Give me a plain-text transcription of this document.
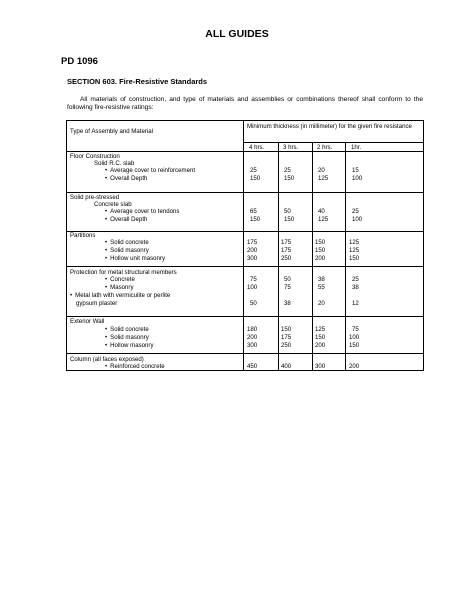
ALL GUIDES
PD 1096
SECTION 603. Fire-Resistive Standards
All materials of construction, and type of materials and assemblies or combinations thereof shall conform to the following fire-resistive ratings:
Type of Assembly and Material
Minimum thickness (in millimeter) for the given fire resistance
4 hrs.	3 hrs.	2 hrs.	1hr.
Floor Construction
Solid R.C. slab
• Average cover to reinforcement	25	25	20	15
• Overall Depth	150	150	125	100
Solid pre-stressed
Concrete slab
• Average cover to tendons	65	50	40	25
• Overall Depth	150	150	125	100
Partitions
• Solid concrete	175	175	150	125
• Solid masonry	200	175	150	125
• Hollow unit masonry	300	250	200	150
Protection for metal structural members
• Concrete	75	50	38	25
• Masonry	100	75	55	38
• Metal lath with vermiculite or perlite
gypsum plaster	50	38	20	12
Exterior Wall
• Solid concrete	180	150	125	75
• Solid masonry	200	175	150	100
• Hollow masonry	300	250	200	150
Column (all faces exposed)
• Reinforced concrete	450	400	300	200
